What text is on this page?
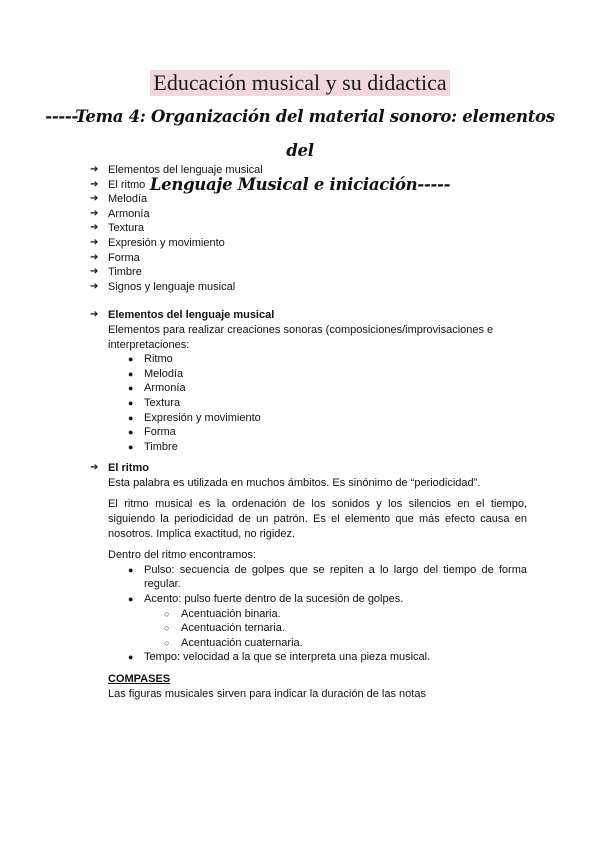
Educación musical y su didactica
-----Tema 4: Organización del material sonoro: elementos del
Lenguaje Musical e iniciación-----
➔ Elementos del lenguaje musical
➔ El ritmo
➔ Melodía
➔ Armonía
➔ Textura
➔ Expresión y movimiento
➔ Forma
➔ Timbre
➔ Signos y lenguaje musical
➔ Elementos del lenguaje musical
Elementos para realizar creaciones sonoras (composiciones/improvisaciones e interpretaciones:
● Ritmo
● Melodía
● Armonía
● Textura
● Expresión y movimiento
● Forma
● Timbre
➔ El ritmo
Esta palabra es utilizada en muchos ámbitos. Es sinónimo de “periodicidad”.
El ritmo musical es la ordenación de los sonidos y los silencios en el tiempo, siguiendo la periodicidad de un patrón. Es el elemento que más efecto causa en nosotros. Implica exactitud, no rigidez.
Dentro del ritmo encontramos:
● Pulso: secuencia de golpes que se repiten a lo largo del tiempo de forma regular.
● Acento: pulso fuerte dentro de la sucesión de golpes.
○ Acentuación binaria.
○ Acentuación ternaria.
○ Acentuación cuaternaria.
● Tempo: velocidad a la que se interpreta una pieza musical.
COMPASES
Las figuras musicales sirven para indicar la duración de las notas
